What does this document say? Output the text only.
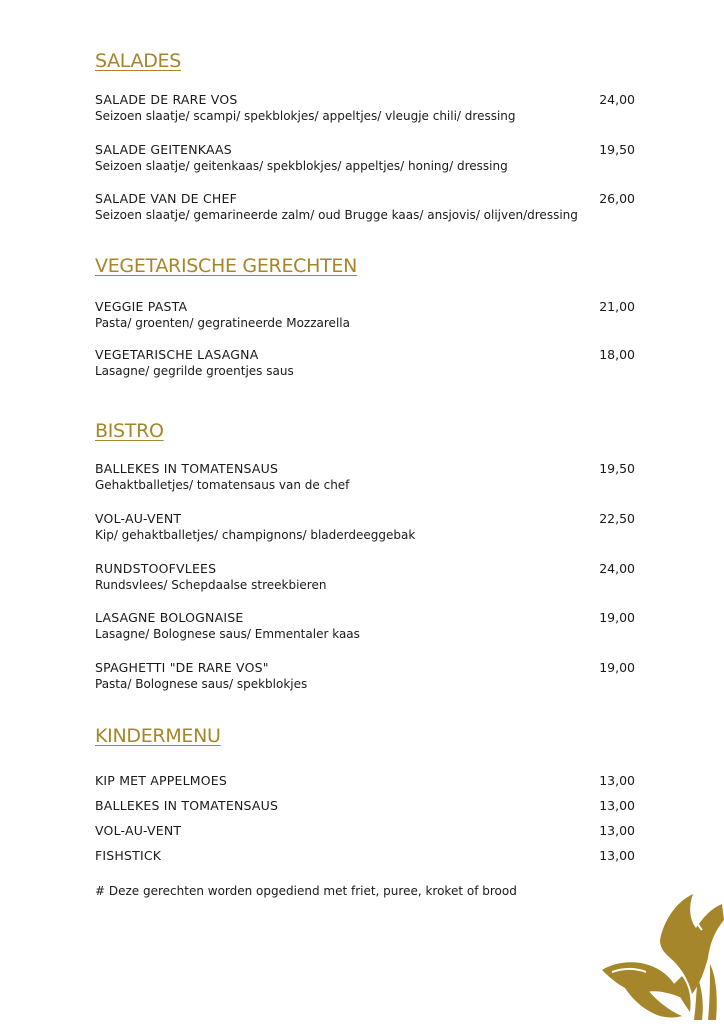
SALADES
SALADE DE RARE VOS	24,00
Seizoen slaatje/ scampi/ spekblokjes/ appeltjes/ vleugje chili/ dressing
SALADE GEITENKAAS	19,50
Seizoen slaatje/ geitenkaas/ spekblokjes/ appeltjes/ honing/ dressing
SALADE VAN DE CHEF	26,00
Seizoen slaatje/ gemarineerde zalm/ oud Brugge kaas/ ansjovis/ olijven/dressing
VEGETARISCHE GERECHTEN
VEGGIE PASTA	21,00
Pasta/ groenten/ gegratineerde Mozzarella
VEGETARISCHE LASAGNA	18,00
Lasagne/ gegrilde groentjes saus
BISTRO
BALLEKES IN TOMATENSAUS	19,50
Gehaktballetjes/ tomatensaus van de chef
VOL-AU-VENT	22,50
Kip/ gehaktballetjes/ champignons/ bladerdeeggebak
RUNDSTOOFVLEES	24,00
Rundsvlees/ Schepdaalse streekbieren
LASAGNE BOLOGNAISE	19,00
Lasagne/ Bolognese saus/ Emmentaler kaas
SPAGHETTI "DE RARE VOS"	19,00
Pasta/ Bolognese saus/ spekblokjes
KINDERMENU
KIP MET APPELMOES	13,00
BALLEKES IN TOMATENSAUS	13,00
VOL-AU-VENT	13,00
FISHSTICK	13,00

# Deze gerechten worden opgediend met friet, puree, kroket of brood
